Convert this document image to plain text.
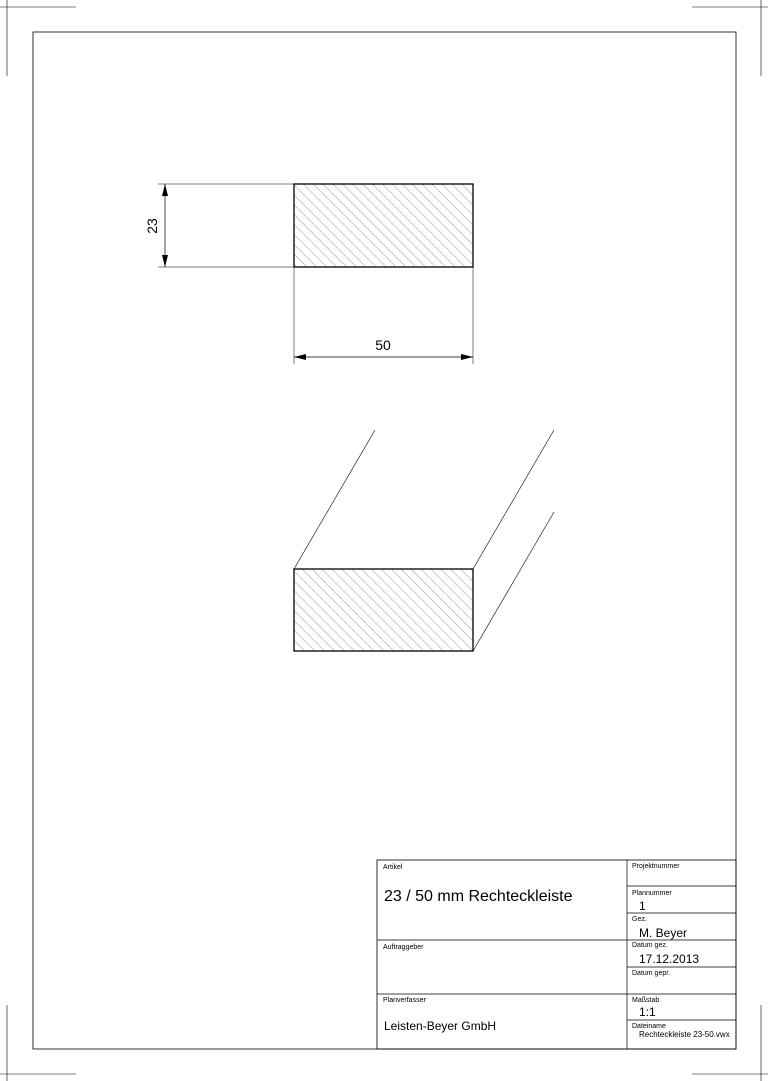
23
50
Artikel
23 / 50 mm Rechteckleiste
Auftraggeber
Planverfasser
Leisten-Beyer GmbH
Projektnummer
Plannummer
1
Gez.
M. Beyer
Datum gez.
17.12.2013
Datum gepr.
Maßstab
1:1
Dateiname
Rechteckleiste 23-50.vwx
